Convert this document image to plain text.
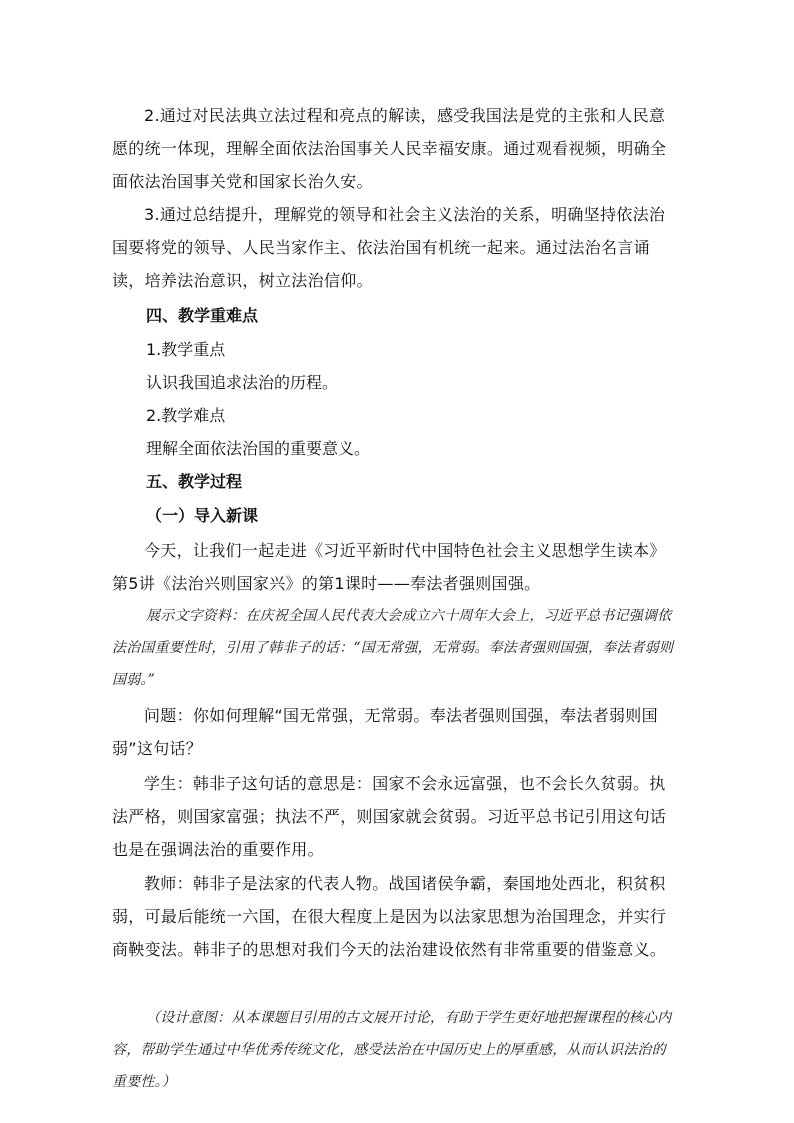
2.通过对民法典立法过程和亮点的解读，感受我国法是党的主张和人民意愿的统一体现，理解全面依法治国事关人民幸福安康。通过观看视频，明确全面依法治国事关党和国家长治久安。

3.通过总结提升，理解党的领导和社会主义法治的关系，明确坚持依法治国要将党的领导、人民当家作主、依法治国有机统一起来。通过法治名言诵读，培养法治意识，树立法治信仰。

四、教学重难点

1.教学重点

认识我国追求法治的历程。

2.教学难点

理解全面依法治国的重要意义。

五、教学过程

（一）导入新课

今天，让我们一起走进《习近平新时代中国特色社会主义思想学生读本》第5讲《法治兴则国家兴》的第1课时——奉法者强则国强。

展示文字资料：在庆祝全国人民代表大会成立六十周年大会上，习近平总书记强调依法治国重要性时，引用了韩非子的话：“国无常强，无常弱。奉法者强则国强，奉法者弱则国弱。”

问题：你如何理解“国无常强，无常弱。奉法者强则国强，奉法者弱则国弱”这句话？

学生：韩非子这句话的意思是：国家不会永远富强，也不会长久贫弱。执法严格，则国家富强；执法不严，则国家就会贫弱。习近平总书记引用这句话也是在强调法治的重要作用。

教师：韩非子是法家的代表人物。战国诸侯争霸，秦国地处西北，积贫积弱，可最后能统一六国，在很大程度上是因为以法家思想为治国理念，并实行商鞅变法。韩非子的思想对我们今天的法治建设依然有非常重要的借鉴意义。

（设计意图：从本课题目引用的古文展开讨论，有助于学生更好地把握课程的核心内容，帮助学生通过中华优秀传统文化，感受法治在中国历史上的厚重感，从而认识法治的重要性。）
